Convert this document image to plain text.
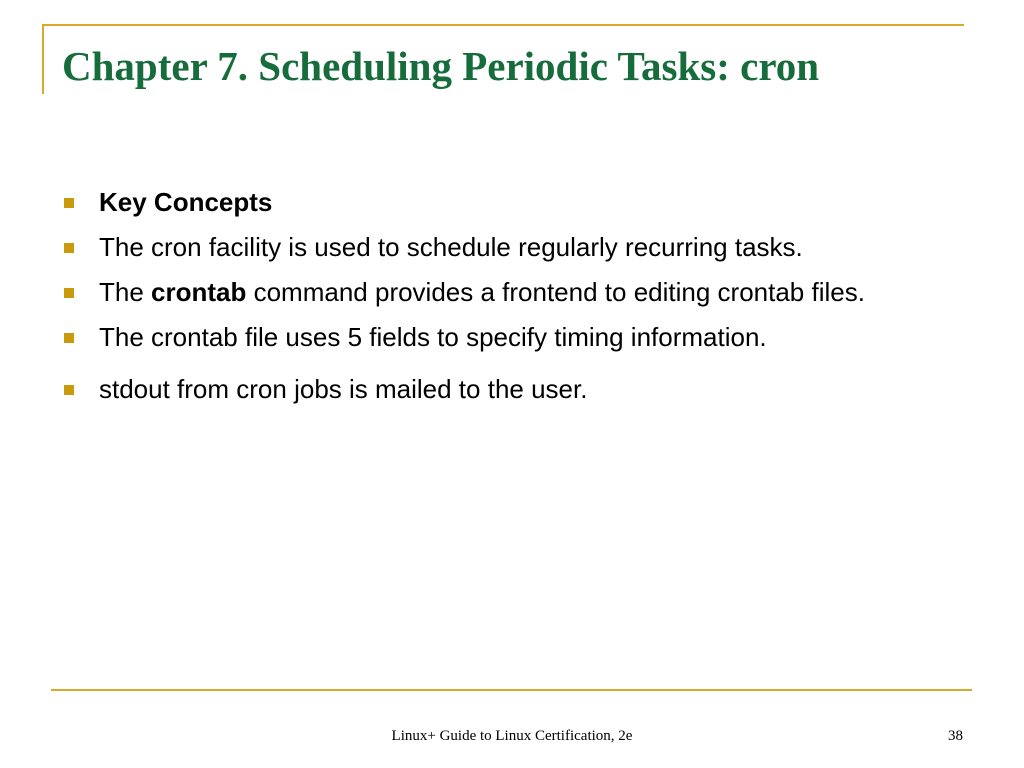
Chapter 7. Scheduling Periodic Tasks: cron
Key Concepts
The cron facility is used to schedule regularly recurring tasks.
The crontab command provides a frontend to editing crontab files.
The crontab file uses 5 fields to specify timing information.
stdout from cron jobs is mailed to the user.
Linux+ Guide to Linux Certification, 2e	38
